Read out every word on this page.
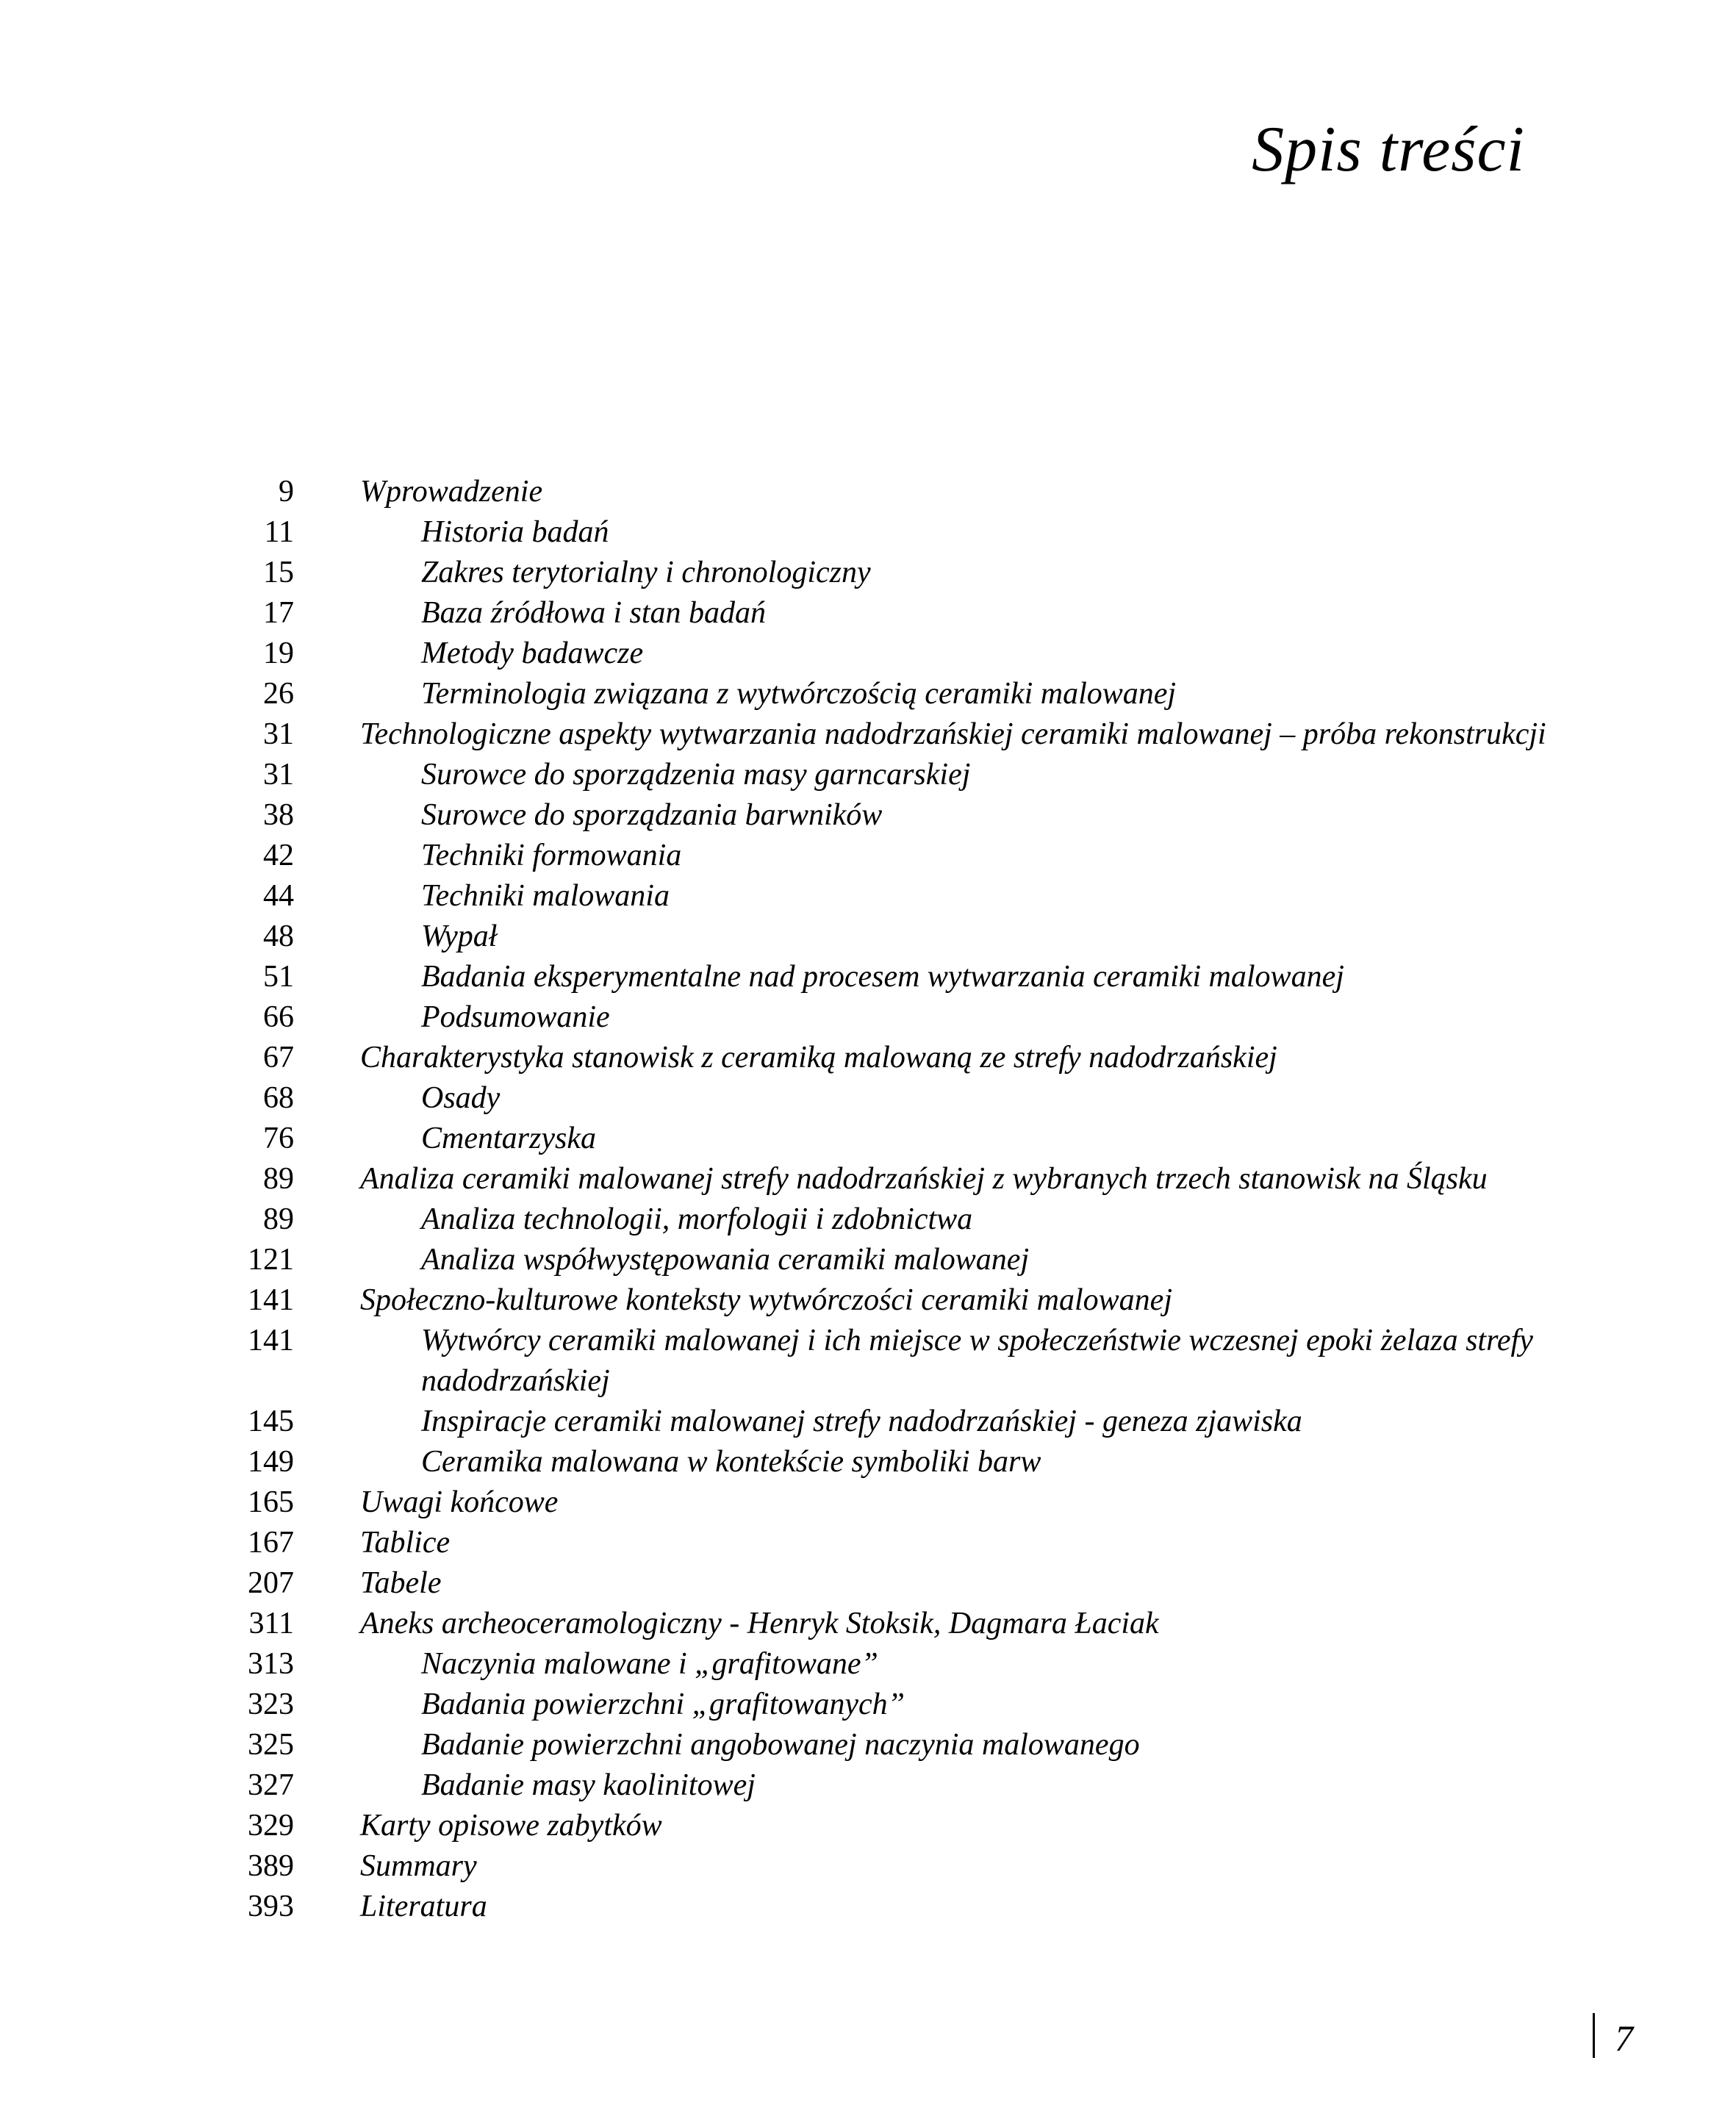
Spis treści
9 Wprowadzenie
11	Historia badań
15	Zakres terytorialny i chronologiczny
17	Baza źródłowa i stan badań
19	Metody badawcze
26	Terminologia związana z wytwórczością ceramiki malowanej
31 Technologiczne aspekty wytwarzania nadodrzańskiej ceramiki malowanej – próba rekonstrukcji
31	Surowce do sporządzenia masy garncarskiej
38	Surowce do sporządzania barwników
42	Techniki formowania
44	Techniki malowania
48	Wypał
51	Badania eksperymentalne nad procesem wytwarzania ceramiki malowanej
66	Podsumowanie
67 Charakterystyka stanowisk z ceramiką malowaną ze strefy nadodrzańskiej
68	Osady
76	Cmentarzyska
89 Analiza ceramiki malowanej strefy nadodrzańskiej z wybranych trzech stanowisk na Śląsku
89	Analiza technologii, morfologii i zdobnictwa
121	Analiza współwystępowania ceramiki malowanej
141 Społeczno-kulturowe konteksty wytwórczości ceramiki malowanej
141	Wytwórcy ceramiki malowanej i ich miejsce w społeczeństwie wczesnej epoki żelaza strefy
nadodrzańskiej
145	Inspiracje ceramiki malowanej strefy nadodrzańskiej - geneza zjawiska
149	Ceramika malowana w kontekście symboliki barw
165 Uwagi końcowe
167 Tablice
207 Tabele
311 Aneks archeoceramologiczny - Henryk Stoksik, Dagmara Łaciak
313	Naczynia malowane i „grafitowane”
323	Badania powierzchni „grafitowanych”
325	Badanie powierzchni angobowanej naczynia malowanego
327	Badanie masy kaolinitowej
329 Karty opisowe zabytków
389 Summary
393 Literatura
7
